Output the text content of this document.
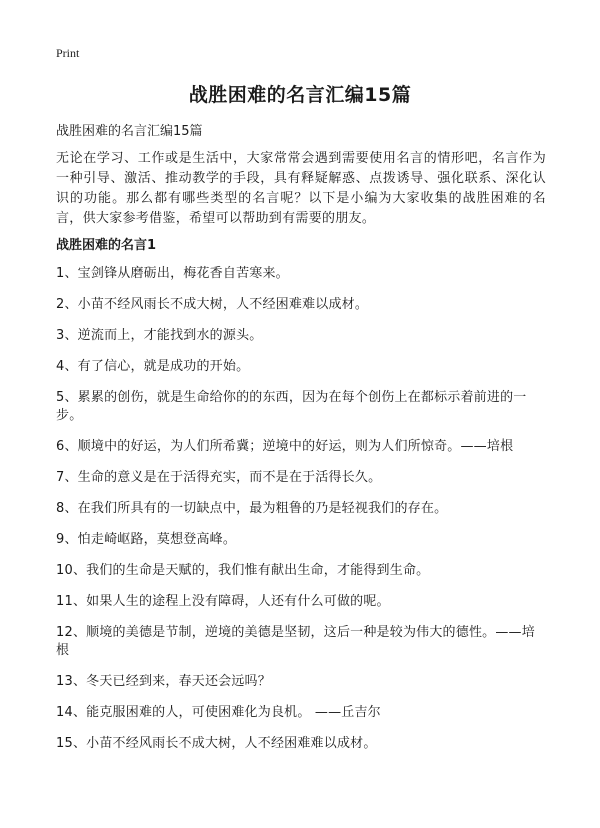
Print
战胜困难的名言汇编15篇
战胜困难的名言汇编15篇
无论在学习、工作或是生活中，大家常常会遇到需要使用名言的情形吧，名言作为一种引导、激活、推动教学的手段，具有释疑解惑、点拨诱导、强化联系、深化认识的功能。那么都有哪些类型的名言呢？以下是小编为大家收集的战胜困难的名言，供大家参考借鉴，希望可以帮助到有需要的朋友。
战胜困难的名言1
1、宝剑锋从磨砺出，梅花香自苦寒来。
2、小苗不经风雨长不成大树，人不经困难难以成材。
3、逆流而上，才能找到水的源头。
4、有了信心，就是成功的开始。
5、累累的创伤，就是生命给你的的东西，因为在每个创伤上在都标示着前进的一步。
6、顺境中的好运，为人们所希冀；逆境中的好运，则为人们所惊奇。——培根
7、生命的意义是在于活得充实，而不是在于活得长久。
8、在我们所具有的一切缺点中，最为粗鲁的乃是轻视我们的存在。
9、怕走崎岖路，莫想登高峰。
10、我们的生命是天赋的，我们惟有献出生命，才能得到生命。
11、如果人生的途程上没有障碍，人还有什么可做的呢。
12、顺境的美德是节制，逆境的美德是坚韧，这后一种是较为伟大的德性。——培根
13、冬天已经到来，春天还会远吗？
14、能克服困难的人，可使困难化为良机。 ——丘吉尔
15、小苗不经风雨长不成大树，人不经困难难以成材。
